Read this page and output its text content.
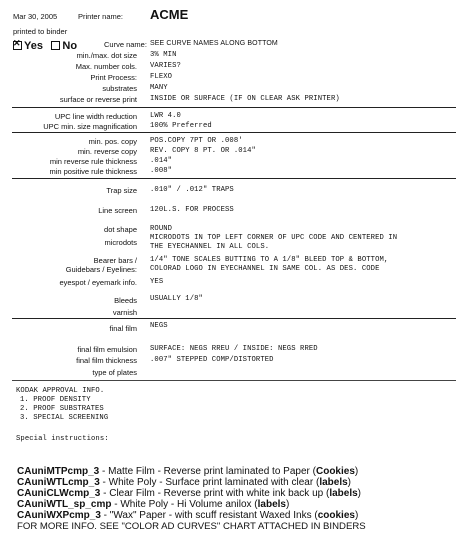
Mar 30, 2005	Printer name: ACME
printed to binder
✕Yes No	Curve name: SEE CURVE NAMES ALONG BOTTOM
min./max. dot size 3% MIN
Max. number cols. VARIES?
Print Process: FLEXO
substrates MANY
surface or reverse print INSIDE OR SURFACE (IF ON CLEAR ASK PRINTER)
UPC line width reduction LWR 4.0
UPC min. size magnification 100% Preferred
min. pos. copy POS.COPY 7PT OR .008'
min. reverse copy REV. COPY 8 PT. OR .014"
min reverse rule thickness .014"
min positive rule thickness .008"
Trap size .010" / .012" TRAPS
Line screen 120L.S. FOR PROCESS
dot shape ROUND
microdots MICRODOTS IN TOP LEFT CORNER OF UPC CODE AND CENTERED IN
THE EYECHANNEL IN ALL COLS.
Bearer bars /
Guidebars / Eyelines:
1/4" TONE SCALES BUTTING TO A 1/8" BLEED TOP & BOTTOM,
COLORAD LOGO IN EYECHANNEL IN SAME COL. AS DES. CODE
eyespot / eyemark info. YES
Bleeds USUALLY 1/8"
varnish
final film NEGS
final film emulsion SURFACE: NEGS RREU / INSIDE: NEGS RRED
final film thickness .007" STEPPED COMP/DISTORTED
type of plates
KODAK APPROVAL INFO.
1. PROOF DENSITY
2. PROOF SUBSTRATES
3. SPECIAL SCREENING
Special instructions:
CAuniMTPcmp_3 - Matte Film - Reverse print laminated to Paper (Cookies)
CAuniWTLcmp_3 - White Poly - Surface print laminated with clear (labels)
CAuniCLWcmp_3 - Clear Film - Reverse print with white ink back up (labels)
CAuniWTL_sp_cmp - White Poly - Hi Volume anilox (labels)
CAuniWXPcmp_3 - "Wax" Paper - with scuff resistant Waxed Inks (cookies)
FOR MORE INFO. SEE "COLOR AD CURVES" CHART ATTACHED IN BINDERS
